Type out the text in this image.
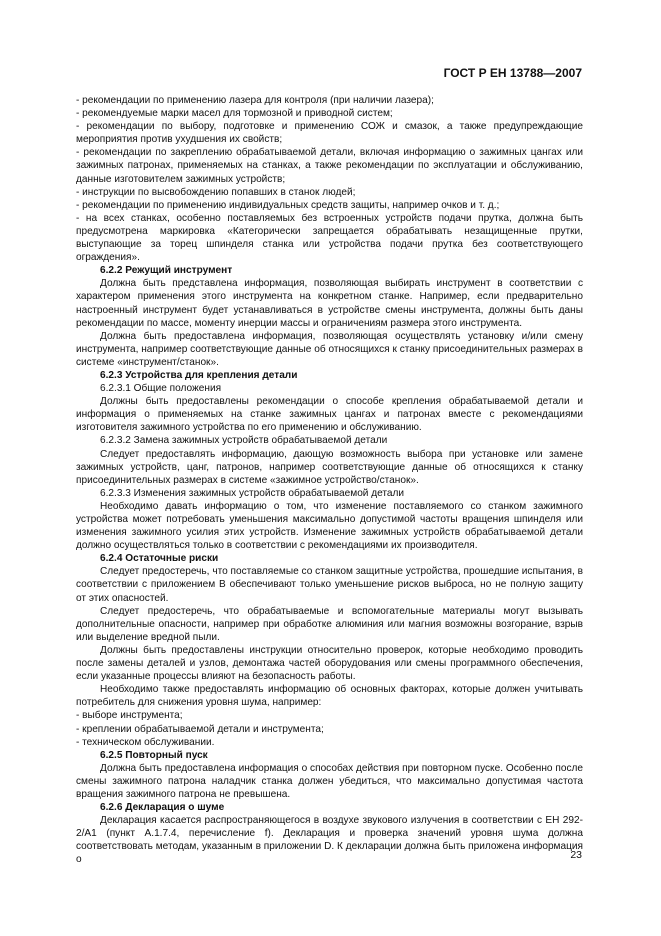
ГОСТ Р ЕН 13788—2007

- рекомендации по применению лазера для контроля (при наличии лазера);

- рекомендуемые марки масел для тормозной и приводной систем;

- рекомендации по выбору, подготовке и применению СОЖ и смазок, а также предупреждающие мероприятия против ухудшения их свойств;

- рекомендации по закреплению обрабатываемой детали, включая информацию о зажимных цангах или зажимных патронах, применяемых на станках, а также рекомендации по эксплуатации и обслуживанию, данные изготовителем зажимных устройств;

- инструкции по высвобождению попавших в станок людей;

- рекомендации по применению индивидуальных средств защиты, например очков и т. д.;

- на всех станках, особенно поставляемых без встроенных устройств подачи прутка, должна быть предусмотрена маркировка «Категорически запрещается обрабатывать незащищенные прутки, выступающие за торец шпинделя станка или устройства подачи прутка без соответствующего ограждения».

6.2.2 Режущий инструмент

Должна быть представлена информация, позволяющая выбирать инструмент в соответствии с характером применения этого инструмента на конкретном станке. Например, если предварительно настроенный инструмент будет устанавливаться в устройстве смены инструмента, должны быть даны рекомендации по массе, моменту инерции массы и ограничениям размера этого инструмента.

Должна быть предоставлена информация, позволяющая осуществлять установку и/или смену инструмента, например соответствующие данные об относящихся к станку присоединительных размерах в системе «инструмент/станок».

6.2.3 Устройства для крепления детали

6.2.3.1 Общие положения

Должны быть предоставлены рекомендации о способе крепления обрабатываемой детали и информация о применяемых на станке зажимных цангах и патронах вместе с рекомендациями изготовителя зажимного устройства по его применению и обслуживанию.

6.2.3.2 Замена зажимных устройств обрабатываемой детали

Следует предоставлять информацию, дающую возможность выбора при установке или замене зажимных устройств, цанг, патронов, например соответствующие данные об относящихся к станку присоединительных размерах в системе «зажимное устройство/станок».

6.2.3.3 Изменения зажимных устройств обрабатываемой детали

Необходимо давать информацию о том, что изменение поставляемого со станком зажимного устройства может потребовать уменьшения максимально допустимой частоты вращения шпинделя или изменения зажимного усилия этих устройств. Изменение зажимных устройств обрабатываемой детали должно осуществляться только в соответствии с рекомендациями их производителя.

6.2.4 Остаточные риски

Следует предостеречь, что поставляемые со станком защитные устройства, прошедшие испытания, в соответствии с приложением В обеспечивают только уменьшение рисков выброса, но не полную защиту от этих опасностей.

Следует предостеречь, что обрабатываемые и вспомогательные материалы могут вызывать дополнительные опасности, например при обработке алюминия или магния возможны возгорание, взрыв или выделение вредной пыли.

Должны быть предоставлены инструкции относительно проверок, которые необходимо проводить после замены деталей и узлов, демонтажа частей оборудования или смены программного обеспечения, если указанные процессы влияют на безопасность работы.

Необходимо также предоставлять информацию об основных факторах, которые должен учитывать потребитель для снижения уровня шума, например:

- выборе инструмента;

- креплении обрабатываемой детали и инструмента;

- техническом обслуживании.

6.2.5 Повторный пуск

Должна быть предоставлена информация о способах действия при повторном пуске. Особенно после смены зажимного патрона наладчик станка должен убедиться, что максимально допустимая частота вращения зажимного патрона не превышена.

6.2.6 Декларация о шуме

Декларация касается распространяющегося в воздухе звукового излучения в соответствии с ЕН 292-2/А1 (пункт А.1.7.4, перечисление f). Декларация и проверка значений уровня шума должна соответствовать методам, указанным в приложении D. К декларации должна быть приложена информация о	23
